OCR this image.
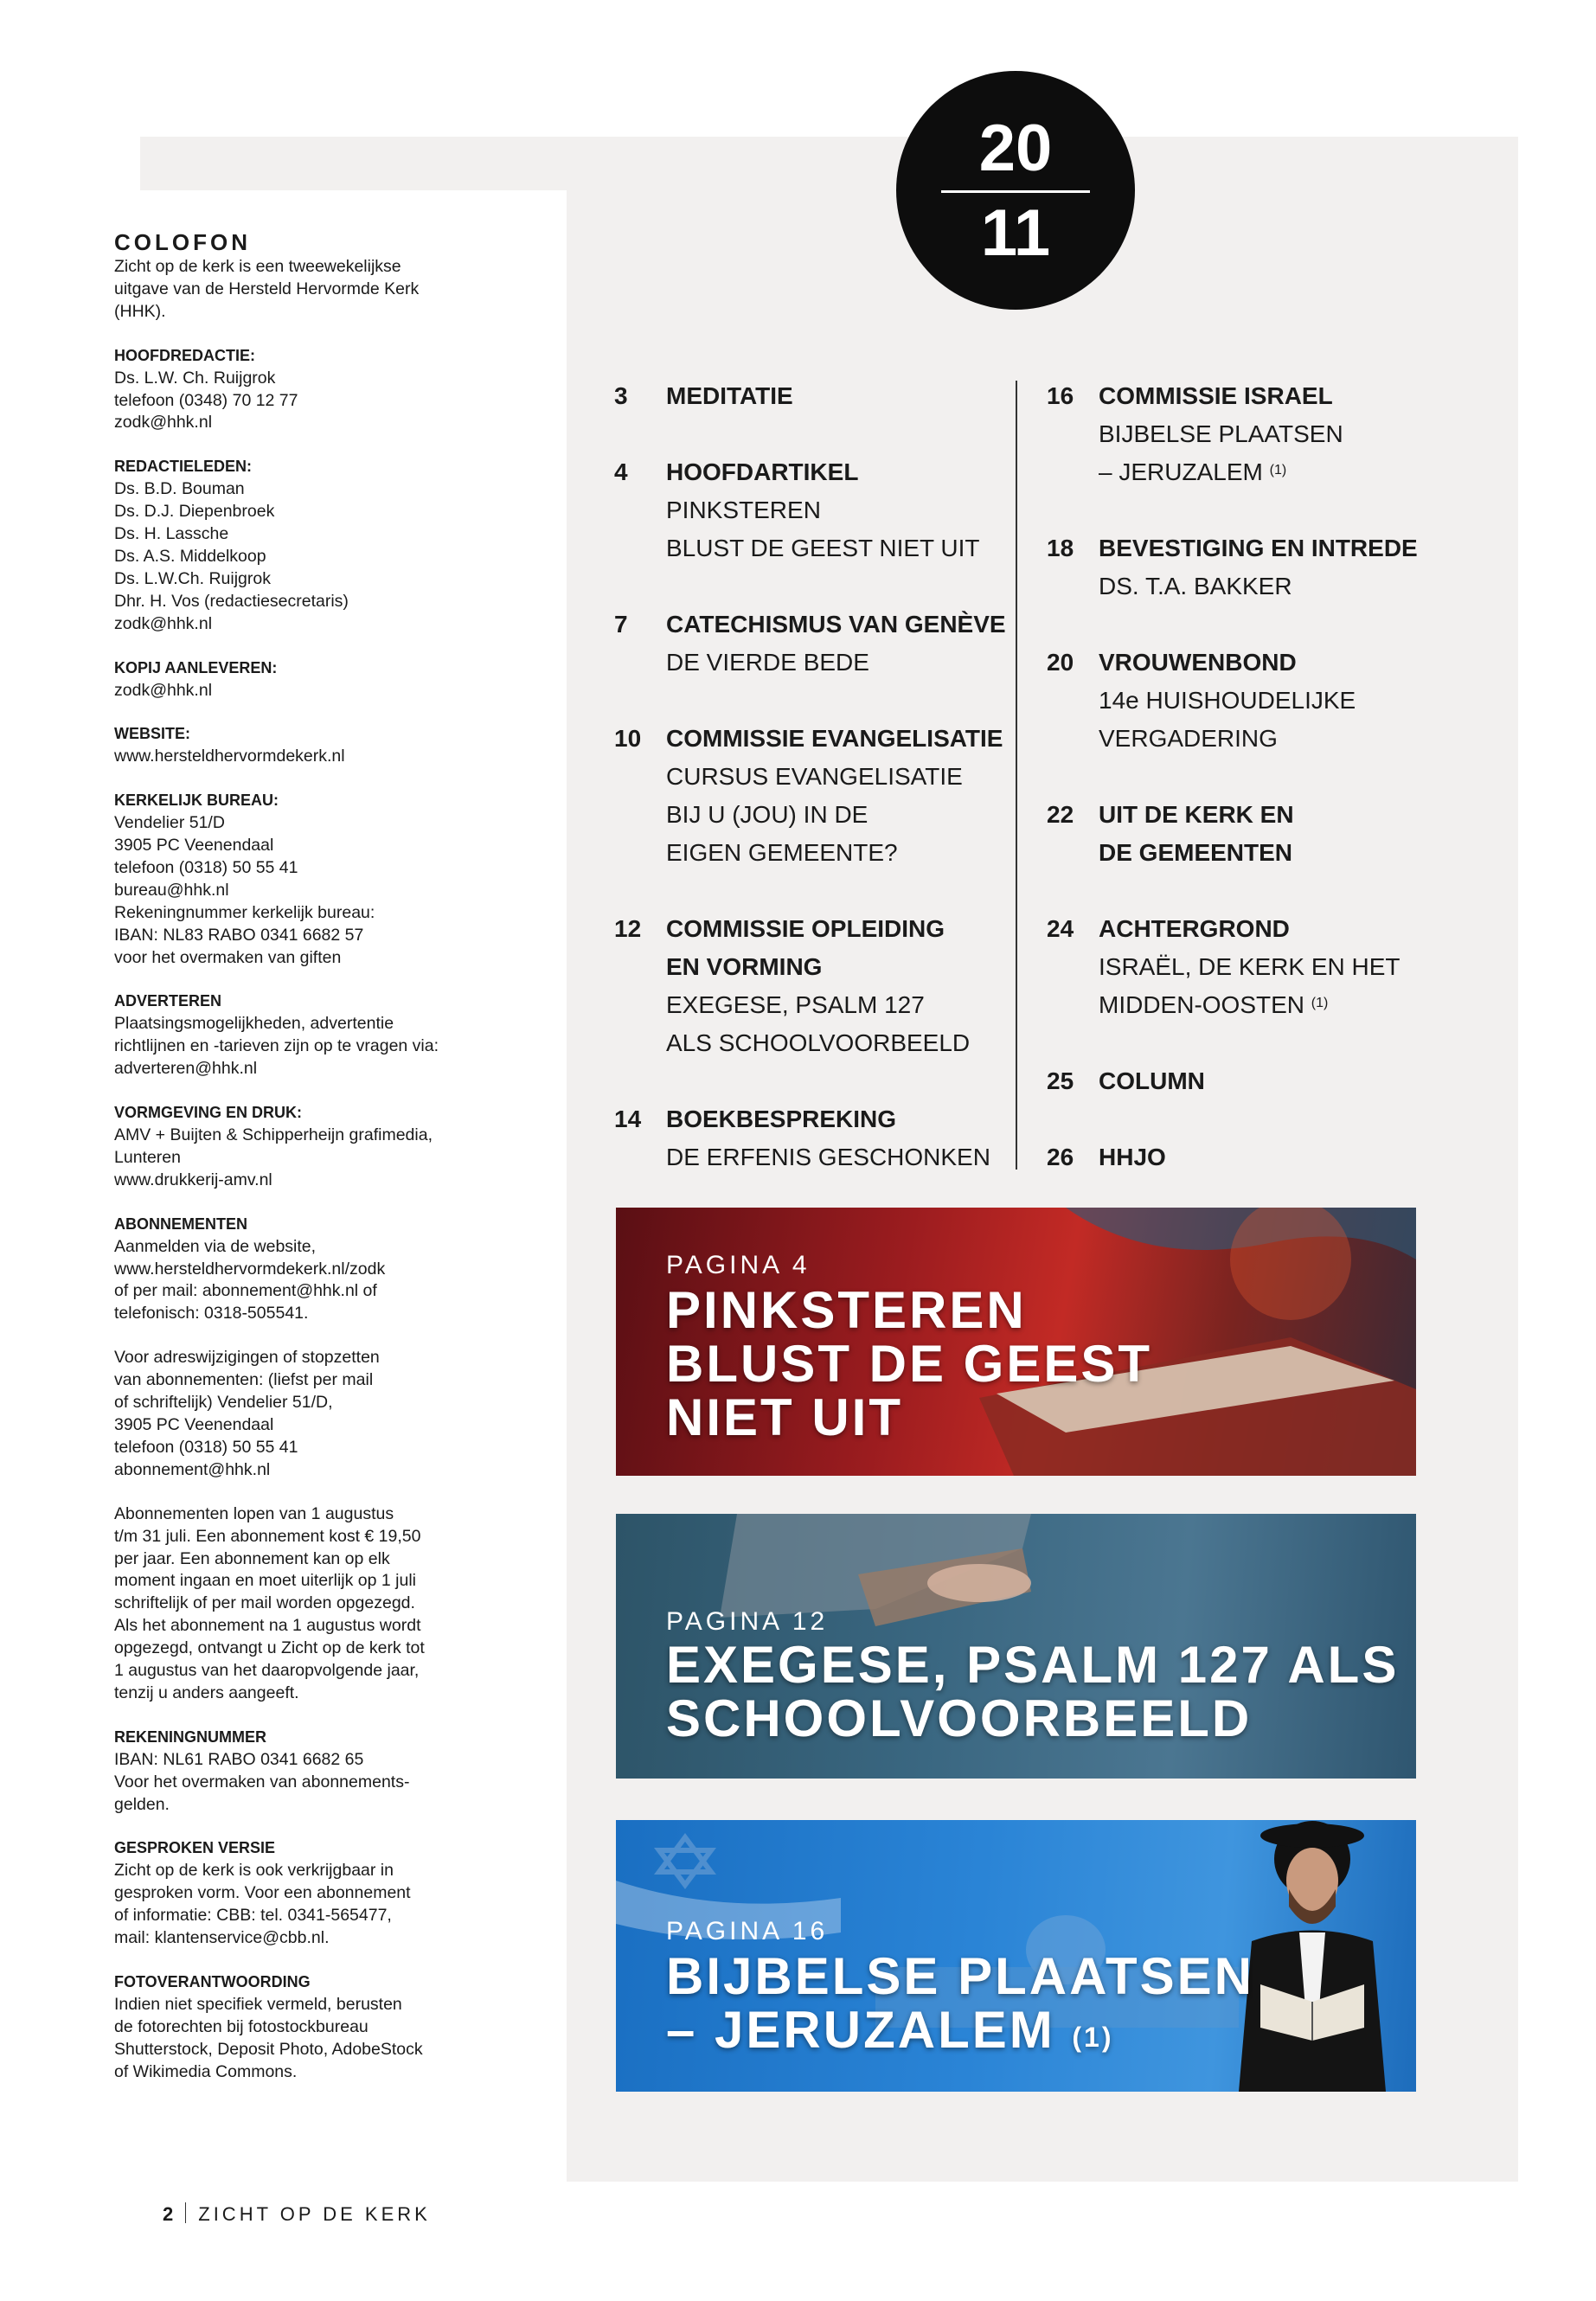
20
11
COLOFON
Zicht op de kerk is een tweewekelijkse
uitgave van de Hersteld Hervormde Kerk
(HHK).
HOOFDREDACTIE:
Ds. L.W. Ch. Ruijgrok
telefoon (0348) 70 12 77
zodk@hhk.nl
REDACTIELEDEN:
Ds. B.D. Bouman
Ds. D.J. Diepenbroek
Ds. H. Lassche
Ds. A.S. Middelkoop
Ds. L.W.Ch. Ruijgrok
Dhr. H. Vos (redactiesecretaris)
zodk@hhk.nl
KOPIJ AANLEVEREN:
zodk@hhk.nl
WEBSITE:
www.hersteldhervormdekerk.nl
KERKELIJK BUREAU:
Vendelier 51/D
3905 PC Veenendaal
telefoon (0318) 50 55 41
bureau@hhk.nl
Rekeningnummer kerkelijk bureau:
IBAN: NL83 RABO 0341 6682 57
voor het overmaken van giften
ADVERTEREN
Plaatsingsmogelijkheden, advertentie
richtlijnen en -tarieven zijn op te vragen via:
adverteren@hhk.nl
VORMGEVING EN DRUK:
AMV + Buijten & Schipperheijn grafimedia,
Lunteren
www.drukkerij-amv.nl
ABONNEMENTEN
Aanmelden via de website,
www.hersteldhervormdekerk.nl/zodk
of per mail: abonnement@hhk.nl of
telefonisch: 0318-505541.
Voor adreswijzigingen of stopzetten
van abonnementen: (liefst per mail
of schriftelijk) Vendelier 51/D,
3905 PC Veenendaal
telefoon (0318) 50 55 41
abonnement@hhk.nl
Abonnementen lopen van 1 augustus
t/m 31 juli. Een abonnement kost € 19,50
per jaar. Een abonnement kan op elk
moment ingaan en moet uiterlijk op 1 juli
schriftelijk of per mail worden opgezegd.
Als het abonnement na 1 augustus wordt
opgezegd, ontvangt u Zicht op de kerk tot
1 augustus van het daaropvolgende jaar,
tenzij u anders aangeeft.
REKENINGNUMMER
IBAN: NL61 RABO 0341 6682 65
Voor het overmaken van abonnements-
gelden.
GESPROKEN VERSIE
Zicht op de kerk is ook verkrijgbaar in
gesproken vorm. Voor een abonnement
of informatie: CBB: tel. 0341-565477,
mail: klantenservice@cbb.nl.
FOTOVERANTWOORDING
Indien niet specifiek vermeld, berusten
de fotorechten bij fotostockbureau
Shutterstock, Deposit Photo, AdobeStock
of Wikimedia Commons.
3	MEDITATIE
4	HOOFDARTIKEL
PINKSTEREN
BLUST DE GEEST NIET UIT
7	CATECHISMUS VAN GENÈVE
DE VIERDE BEDE
10	COMMISSIE EVANGELISATIE
CURSUS EVANGELISATIE
BIJ U (JOU) IN DE
EIGEN GEMEENTE?
12	COMMISSIE OPLEIDING
EN VORMING
EXEGESE, PSALM 127
ALS SCHOOLVOORBEELD
14	BOEKBESPREKING
DE ERFENIS GESCHONKEN
16	COMMISSIE ISRAEL
BIJBELSE PLAATSEN
– JERUZALEM $^{(1)}$
18	BEVESTIGING EN INTREDE
DS. T.A. BAKKER
20	VROUWENBOND
14e HUISHOUDELIJKE
VERGADERING
22	UIT DE KERK EN
DE GEMEENTEN
24	ACHTERGROND
ISRAËL, DE KERK EN HET
MIDDEN-OOSTEN $^{(1)}$
25	COLUMN
26	HHJO
PAGINA 4
PINKSTEREN
BLUST DE GEEST
NIET UIT
PAGINA 12
EXEGESE, PSALM 127 ALS
SCHOOLVOORBEELD
PAGINA 16
BIJBELSE PLAATSEN
– JERUZALEM $^{(1)}$
2 ZICHT OP DE KERK
